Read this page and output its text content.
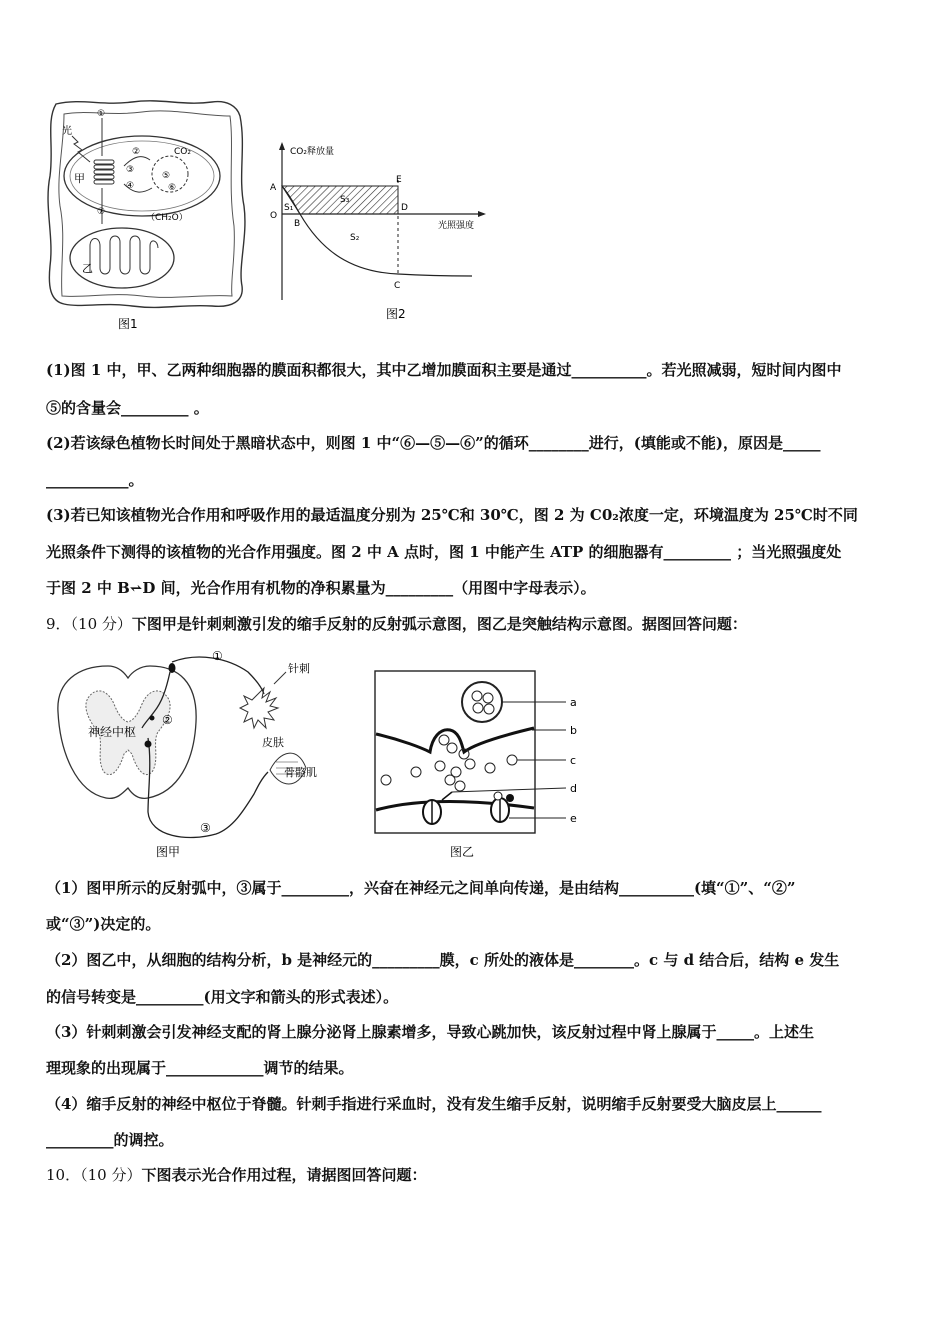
光
甲
乙
CO₂
（CH₂O）
①
②
③
④
⑤
⑥
⑦
图1
CO₂释放量
光照强度
A
O
B
E
D
C
S₁
S₃
S₂
图2
(1)图 1 中，甲、乙两种细胞器的膜面积都很大，其中乙增加膜面积主要是通过__________。若光照减弱，短时间内图中
⑤的含量会_________ 。
(2)若该绿色植物长时间处于黑暗状态中，则图 1 中“⑥—⑤—⑥”的循环________进行，(填能或不能)，原因是_____
___________。
(3)若已知该植物光合作用和呼吸作用的最适温度分别为 25℃和 30℃，图 2 为 C0₂浓度一定，环境温度为 25℃时不同
光照条件下测得的该植物的光合作用强度。图 2 中 A 点时，图 1 中能产生 ATP 的细胞器有_________ ；当光照强度处
于图 2 中 B⥋D 间，光合作用有机物的净积累量为_________（用图中字母表示）。
9．（10 分）下图甲是针刺刺激引发的缩手反射的反射弧示意图，图乙是突触结构示意图。据图回答问题：
神经中枢
针刺
皮肤
骨骼肌
①
②
③
图甲
a
b
c
d
e
图乙
（1）图甲所示的反射弧中，③属于_________，兴奋在神经元之间单向传递，是由结构__________(填“①”、“②”
或“③”)决定的。
（2）图乙中，从细胞的结构分析，b 是神经元的_________膜，c 所处的液体是________。c 与 d 结合后，结构 e 发生
的信号转变是_________(用文字和箭头的形式表述）。
（3）针刺刺激会引发神经支配的肾上腺分泌肾上腺素增多，导致心跳加快，该反射过程中肾上腺属于_____。上述生
理现象的出现属于_____________调节的结果。
（4）缩手反射的神经中枢位于脊髓。针刺手指进行采血时，没有发生缩手反射，说明缩手反射要受大脑皮层上______
_________的调控。
10．（10 分）下图表示光合作用过程，请据图回答问题：
